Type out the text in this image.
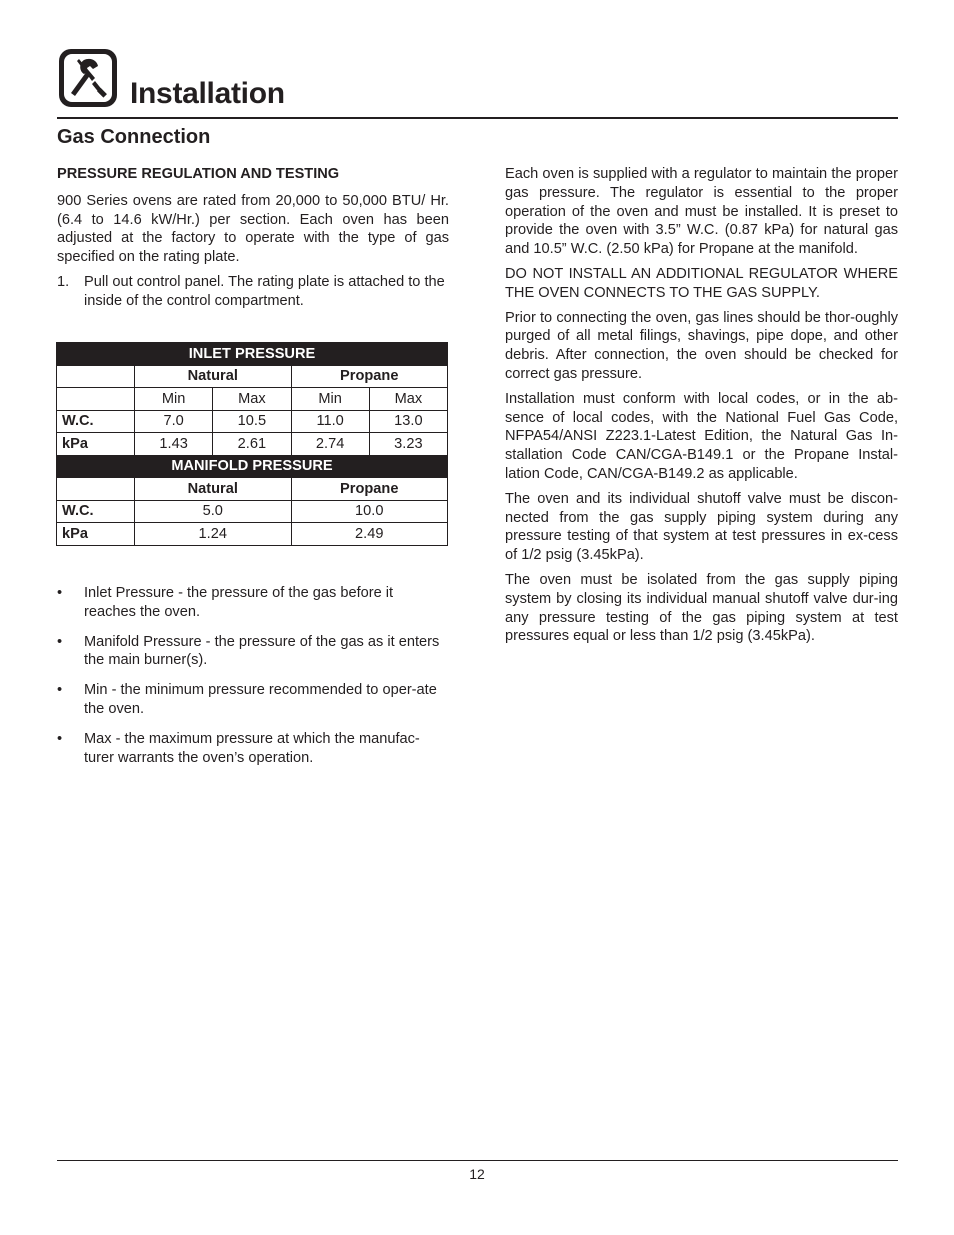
Installation
Gas Connection
PRESSURE REGULATION AND TESTING

900 Series ovens are rated from 20,000 to 50,000 BTU/ Hr. (6.4 to 14.6 kW/Hr.) per section. Each oven has been adjusted at the factory to operate with the type of gas specified on the rating plate.

1.	Pull out control panel. The rating plate is attached to the inside of the control compartment.
INLET PRESSURE				
	Natural		Propane	
	Min	Max	Min	Max
W.C.	7.0	10.5	11.0	13.0
kPa	1.43	2.61	2.74	3.23
MANIFOLD PRESSURE				
	Natural		Propane	
W.C.	5.0		10.0	
kPa	1.24		2.49	
•	Inlet Pressure - the pressure of the gas before it reaches the oven.
•	Manifold Pressure - the pressure of the gas as it enters the main burner(s).
•	Min - the minimum pressure recommended to oper-ate the oven.
•	Max - the maximum pressure at which the manufac-turer warrants the oven’s operation.

Each oven is supplied with a regulator to maintain the proper gas pressure. The regulator is essential to the proper operation of the oven and must be installed. It is preset to provide the oven with 3.5” W.C. (0.87 kPa) for natural gas and 10.5” W.C. (2.50 kPa) for Propane at the manifold.

DO NOT INSTALL AN ADDITIONAL REGULATOR WHERE THE OVEN CONNECTS TO THE GAS SUPPLY.

Prior to connecting the oven, gas lines should be thor-oughly purged of all metal filings, shavings, pipe dope, and other debris. After connection, the oven should be checked for correct gas pressure.

Installation must conform with local codes, or in the ab-sence of local codes, with the National Fuel Gas Code, NFPA54/ANSI Z223.1-Latest Edition, the Natural Gas In-stallation Code CAN/CGA-B149.1 or the Propane Instal-lation Code, CAN/CGA-B149.2 as applicable.

The oven and its individual shutoff valve must be discon-nected from the gas supply piping system during any pressure testing of that system at test pressures in ex-cess of 1/2 psig (3.45kPa).

The oven must be isolated from the gas supply piping system by closing its individual manual shutoff valve dur-ing any pressure testing of the gas piping system at test pressures equal or less than 1/2 psig (3.45kPa).

12
